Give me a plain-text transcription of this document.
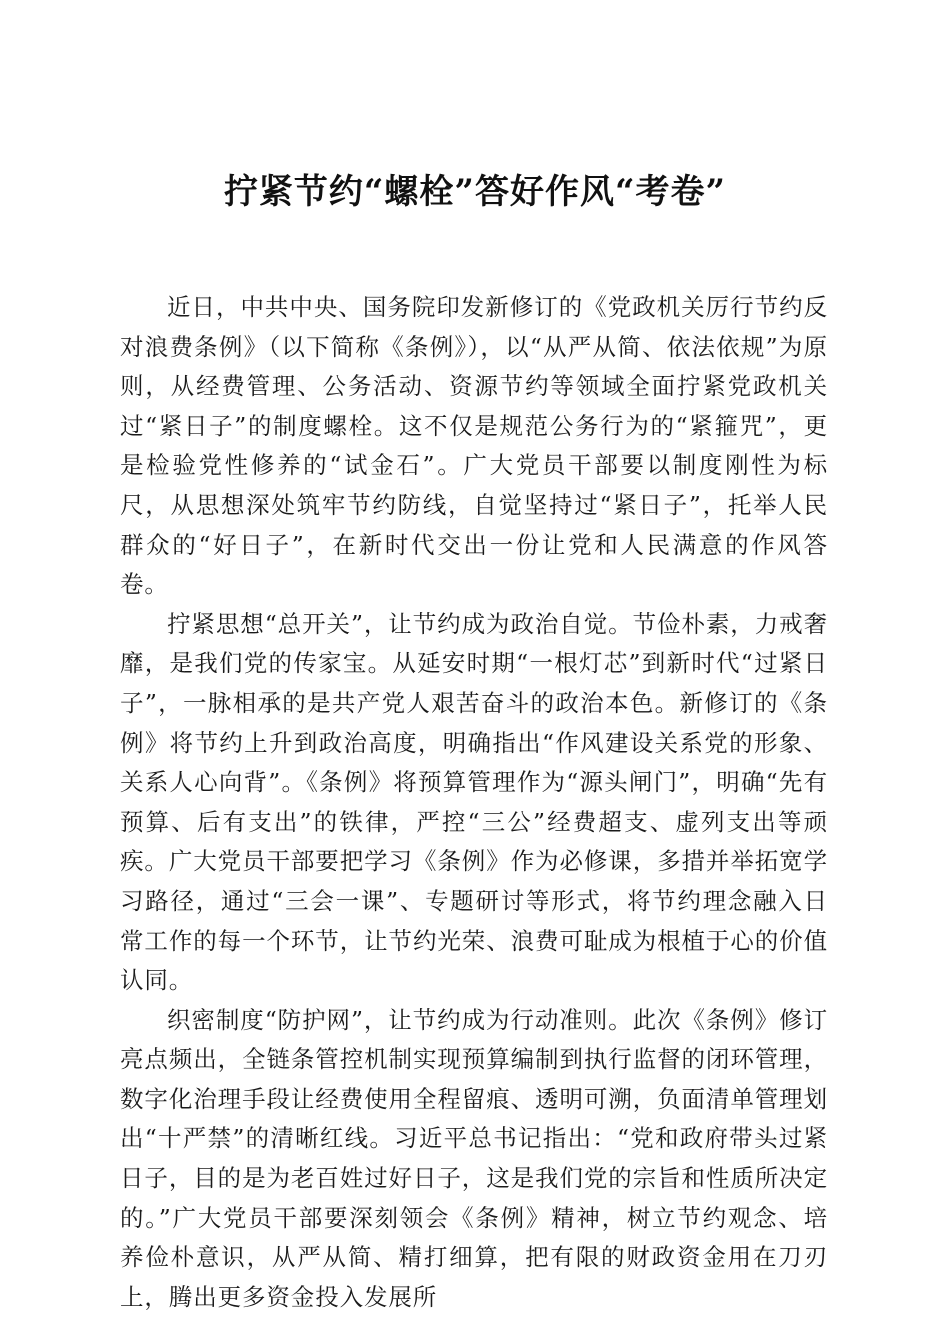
拧紧节约“螺栓”答好作风“考卷”

近日，中共中央、国务院印发新修订的《党政机关厉行节约反对浪费条例》（以下简称《条例》），以“从严从简、依法依规”为原则，从经费管理、公务活动、资源节约等领域全面拧紧党政机关过“紧日子”的制度螺栓。这不仅是规范公务行为的“紧箍咒”，更是检验党性修养的“试金石”。广大党员干部要以制度刚性为标尺，从思想深处筑牢节约防线，自觉坚持过“紧日子”，托举人民群众的“好日子”，在新时代交出一份让党和人民满意的作风答卷。

拧紧思想“总开关”，让节约成为政治自觉。节俭朴素，力戒奢靡，是我们党的传家宝。从延安时期“一根灯芯”到新时代“过紧日子”，一脉相承的是共产党人艰苦奋斗的政治本色。新修订的《条例》将节约上升到政治高度，明确指出“作风建设关系党的形象、关系人心向背”。《条例》将预算管理作为“源头闸门”，明确“先有预算、后有支出”的铁律，严控“三公”经费超支、虚列支出等顽疾。广大党员干部要把学习《条例》作为必修课，多措并举拓宽学习路径，通过“三会一课”、专题研讨等形式，将节约理念融入日常工作的每一个环节，让节约光荣、浪费可耻成为根植于心的价值认同。

织密制度“防护网”，让节约成为行动准则。此次《条例》修订亮点频出，全链条管控机制实现预算编制到执行监督的闭环管理，数字化治理手段让经费使用全程留痕、透明可溯，负面清单管理划出“十严禁”的清晰红线。习近平总书记指出：“党和政府带头过紧日子，目的是为老百姓过好日子，这是我们党的宗旨和性质所决定的。”广大党员干部要深刻领会《条例》精神，树立节约观念、培养俭朴意识，从严从简、精打细算，把有限的财政资金用在刀刃上，腾出更多资金投入发展所
